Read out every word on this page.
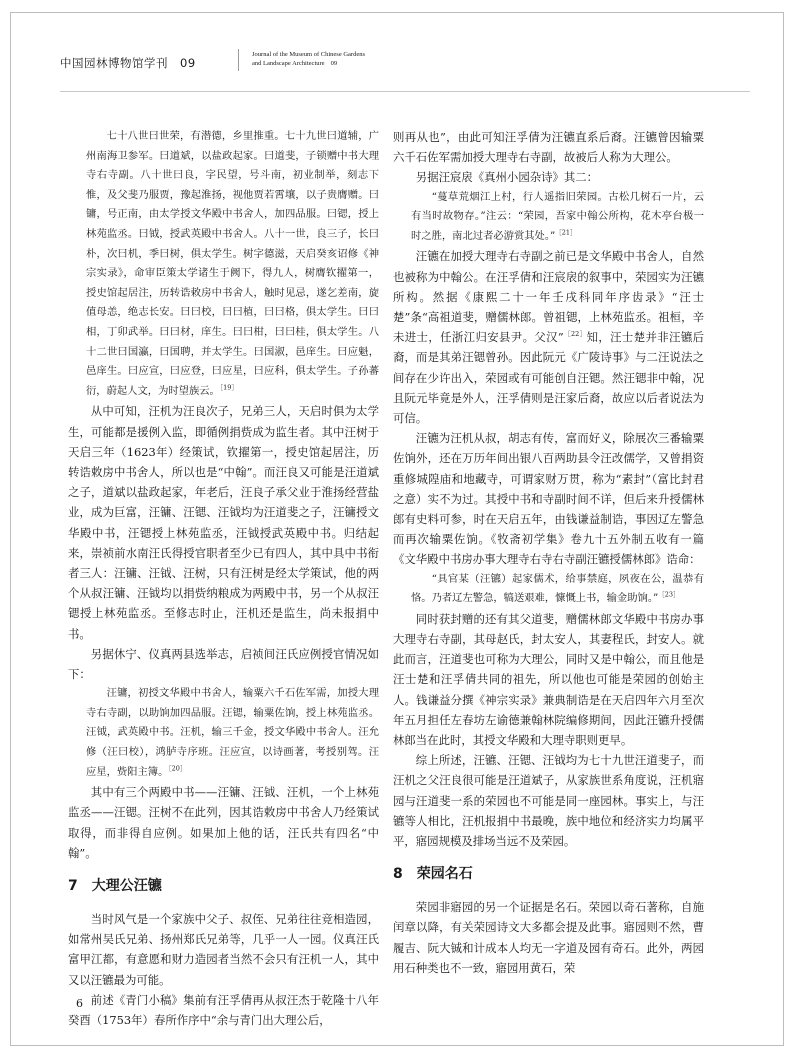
中国园林博物馆学刊 09
Journal of the Museum of Chinese Gardens
and Landscape Architecture 09

七十八世曰世荣，有潜德，乡里推重。七十九世曰道辅，广州南海卫参军。曰道斌，以盐政起家。曰道斐，子锁赠中书大理寺右寺副。八十世曰良，字民望，号斗南，初业制举，刻志下惟，及父斐乃服贾，豫起淮扬，视他贾若霄壤，以子贵膺赠。曰镛，号正南，由太学授文华殿中书舍人，加四品服。曰锶，授上林苑监丞。曰钺，授武英殿中书舍人。八十一世，良三子，长曰朴，次曰机，季曰树，俱太学生。树字德滋，天启癸亥诏修《神宗实录》，命审臣策太学诸生于阙下，得九人，树膺钦擢第一，授史馆起居注，历转诰敕房中书舍人，触时见忌，遂乞差南，旋值母恙，绝志长安。曰曰校，曰曰植，曰曰格，俱太学生。曰曰相，丁卯武举。曰曰材，庠生。曰曰柑，曰曰桂，俱太学生。八十二世曰国瀛，曰国聘，并太学生。曰国淑，邑庠生。曰应魁，邑庠生。曰应宣，曰应登，曰应星，曰应科，俱太学生。子孙蕃衍，蔚起人文，为时望族云。$^{[19]}$

从中可知，汪机为汪良次子，兄弟三人，天启时俱为太学生，可能都是援例入监，即循例捐赀成为监生者。其中汪树于天启三年（1623年）经策试，钦擢第一，授史馆起居注，历转诰敕房中书舍人，所以也是“中翰”。而汪良又可能是汪道斌之子，道斌以盐政起家，年老后，汪良子承父业于淮扬经营盐业，成为巨富，汪镛、汪锶、汪钺均为汪道斐之子，汪镛授文华殿中书，汪锶授上林苑监丞，汪钺授武英殿中书。归结起来，崇祯前水南汪氏得授官职者至少已有四人，其中具中书衔者三人：汪镛、汪钺、汪树，只有汪树是经太学策试，他的两个从叔汪镛、汪钺均以捐赀纳粮成为两殿中书，另一个从叔汪锶授上林苑监丞。至修志时止，汪机还是监生，尚未报捐中书。

另据休宁、仪真两县选举志，启祯间汪氏应例授官情况如下：

汪镛，初授文华殿中书舍人，输粟六千石佐军需，加授大理寺右寺副，以助饷加四品服。汪锶，输粟佐饷，授上林苑监丞。汪钺，武英殿中书。汪机，输三千金，授文华殿中书舍人。汪允修（汪曰校），鸿胪寺序班。汪应宣，以诗画著，考授别驾。汪应星，赀阳主簿。$^{[20]}$

其中有三个两殿中书——汪镛、汪钺、汪机，一个上林苑监丞——汪锶。汪树不在此列，因其诰敕房中书舍人乃经策试取得，而非得自应例。如果加上他的话，汪氏共有四名“中翰”。

7 大理公汪镳

当时风气是一个家族中父子、叔侄、兄弟往往竞相造园，如常州吴氏兄弟、扬州郑氏兄弟等，几乎一人一园。仪真汪氏富甲江都，有意愿和财力造园者当然不会只有汪机一人，其中又以汪镳最为可能。

前述《青门小稿》集前有汪孚倩再从叔汪杰于乾隆十八年癸酉（1753年）春所作序中“余与青门出大理公后，

则再从也”，由此可知汪孚倩为汪镳直系后裔。汪镳曾因输粟六千石佐军需加授大理寺右寺副，故被后人称为大理公。

另据汪宸扆《真州小园杂诗》其二：

“蔓草荒烟江上村，行人遥指旧荣园。古松几树石一片，云有当时故物存。”注云：“荣园，吾家中翰公所构，花木亭台极一时之胜，南北过者必游赏其处。”$^{[21]}$

汪镳在加授大理寺右寺副之前已是文华殿中书舍人，自然也被称为中翰公。在汪孚倩和汪宸扆的叙事中，荣园实为汪镳所构。然据《康熙二十一年壬戌科同年序齿录》“汪士楚”条“高祖道斐，赠儒林郎。曾祖锶，上林苑监丞。祖桓，辛未进士，任浙江归安县尹。父汉”$^{[22]}$知，汪士楚并非汪镳后裔，而是其弟汪锶曾孙。因此阮元《广陵诗事》与二汪说法之间存在少许出入，荣园或有可能创自汪锶。然汪锶非中翰，况且阮元毕竟是外人，汪孚倩则是汪家后裔，故应以后者说法为可信。

汪镳为汪机从叔，胡志有传，富而好义，除展次三番输粟佐饷外，还在万历年间出银八百两助县令汪改儒学，又曾捐资重修城隍庙和地藏寺，可谓家财万贯，称为“素封”（富比封君之意）实不为过。其授中书和寺副时间不详，但后来升授儒林郎有史料可参，时在天启五年，由钱谦益制诰，事因辽左警急而再次输粟佐饷。《牧斋初学集》卷九十五外制五收有一篇《文华殿中书房办事大理寺右寺右寺副汪镳授儒林郎》诰命：

“具官某（汪镳）起家儒术，给事禁庭，夙夜在公，温恭有恪。乃者辽左警急，犒送艰难，慷慨上书，输金助饷。”$^{[23]}$

同时获封赠的还有其父道斐，赠儒林郎文华殿中书房办事大理寺右寺副，其母赵氏，封太安人，其妻程氏，封安人。就此而言，汪道斐也可称为大理公，同时又是中翰公，而且他是汪士楚和汪孚倩共同的祖先，所以他也可能是荣园的创始主人。钱谦益分撰《神宗实录》兼典制诰是在天启四年六月至次年五月担任左春坊左谕德兼翰林院编修期间，因此汪镳升授儒林郎当在此时，其授文华殿和大理寺职则更早。

综上所述，汪镳、汪锶、汪钺均为七十九世汪道斐子，而汪机之父汪良很可能是汪道斌子，从家族世系角度说，汪机寤园与汪道斐一系的荣园也不可能是同一座园林。事实上，与汪镳等人相比，汪机报捐中书最晚，族中地位和经济实力均属平平，寤园规模及排场当远不及荣园。

8 荣园名石

荣园非寤园的另一个证据是名石。荣园以奇石著称，自施闰章以降，有关荣园诗文大多都会提及此事。寤园则不然，曹履吉、阮大铖和计成本人均无一字道及园有奇石。此外，两园用石种类也不一致，寤园用黄石，荣

6
